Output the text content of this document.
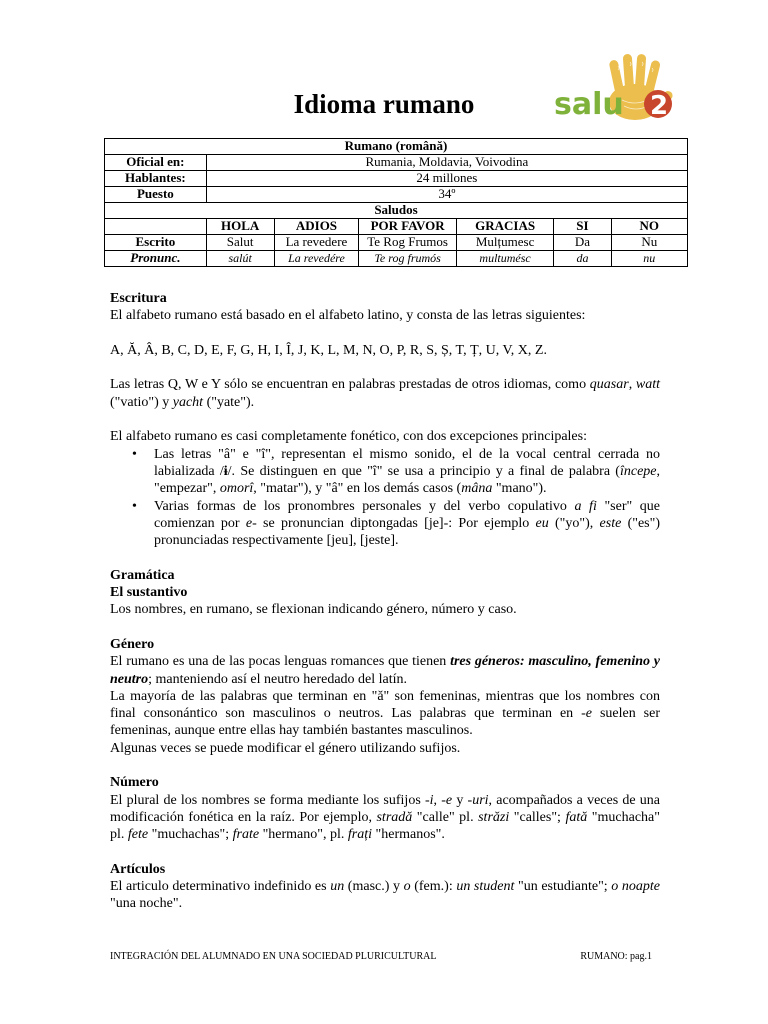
Idioma rumano	salu 2
Rumano (română)						
Oficial en:	Rumania, Moldavia, Voivodina					
Hablantes:	24 millones					
Puesto	34º					
Saludos						
	HOLA	ADIOS	POR FAVOR	GRACIAS	SI	NO
Escrito	Salut	La revedere	Te Rog Frumos	Mulțumesc	Da	Nu
Pronunc.	salút	La revedére	Te rog frumós	multumésc	da	nu
Escritura

El alfabeto rumano está basado en el alfabeto latino, y consta de las letras siguientes:

A, Ă, Â, B, C, D, E, F, G, H, I, Î, J, K, L, M, N, O, P, R, S, Ș, T, Ț, U, V, X, Z.

Las letras Q, W e Y sólo se encuentran en palabras prestadas de otros idiomas, como quasar, watt ("vatio") y yacht ("yate").

El alfabeto rumano es casi completamente fonético, con dos excepciones principales:

• Las letras "â" e "î", representan el mismo sonido, el de la vocal central cerrada no labializada /ɨ/. Se distinguen en que "î" se usa a principio y a final de palabra (începe, "empezar", omorî, "matar"), y "â" en los demás casos (mâna "mano").
• Varias formas de los pronombres personales y del verbo copulativo a fi "ser" que comienzan por e- se pronuncian diptongadas [je]-: Por ejemplo eu ("yo"), este ("es") pronunciadas respectivamente [jeu], [jeste].
Gramática
El sustantivo

Los nombres, en rumano, se flexionan indicando género, número y caso.

Género

El rumano es una de las pocas lenguas romances que tienen tres géneros: masculino, femenino y neutro; manteniendo así el neutro heredado del latín.

La mayoría de las palabras que terminan en "ă" son femeninas, mientras que los nombres con final consonántico son masculinos o neutros. Las palabras que terminan en -e suelen ser femeninas, aunque entre ellas hay también bastantes masculinos.

Algunas veces se puede modificar el género utilizando sufijos.

Número

El plural de los nombres se forma mediante los sufijos -i, -e y -uri, acompañados a veces de una modificación fonética en la raíz. Por ejemplo, stradă "calle" pl. străzi "calles"; fată "muchacha" pl. fete "muchachas"; frate "hermano", pl. frați "hermanos".

Artículos

El articulo determinativo indefinido es un (masc.) y o (fem.): un student "un estudiante"; o noapte "una noche".

INTEGRACIÓN DEL ALUMNADO EN UNA SOCIEDAD PLURICULTURAL	RUMANO: pag.1
